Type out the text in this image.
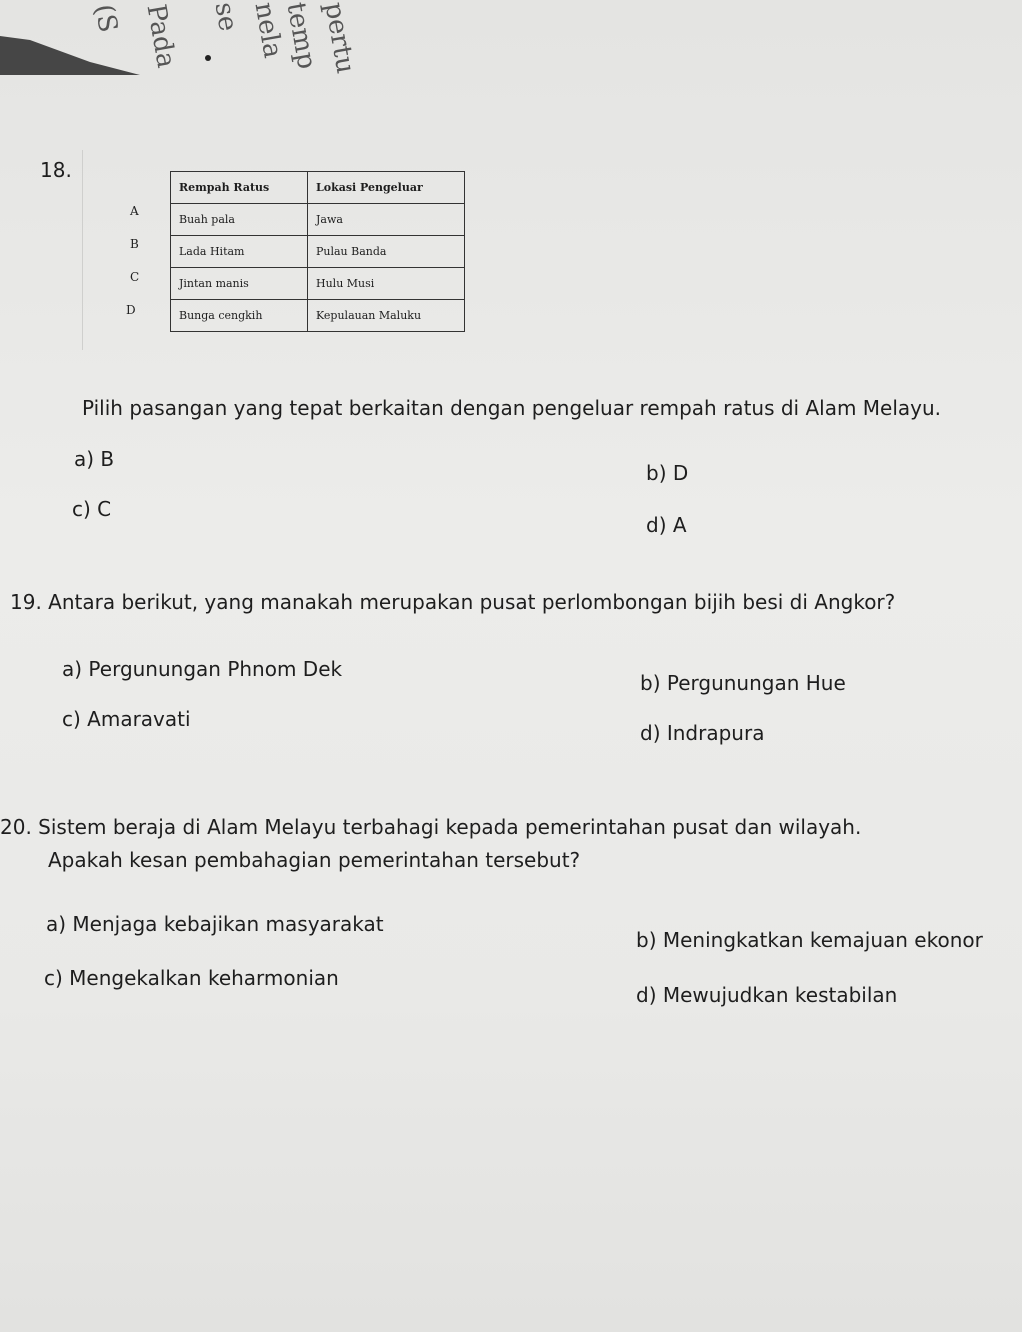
(S Pada se nela
temp
pertu
18.
A
B
C
D
Rempah Ratus	Lokasi Pengeluar
Buah pala	Jawa
Lada Hitam	Pulau Banda
Jintan manis	Hulu Musi
Bunga cengkih	Kepulauan Maluku
Pilih pasangan yang tepat berkaitan dengan pengeluar rempah ratus di Alam Melayu.
a) B
b) D
c) C
d) A
19. Antara berikut, yang manakah merupakan pusat perlombongan bijih besi di Angkor?
a) Pergunungan Phnom Dek
b) Pergunungan Hue
c) Amaravati
d) Indrapura
20. Sistem beraja di Alam Melayu terbahagi kepada pemerintahan pusat dan wilayah.
Apakah kesan pembahagian pemerintahan tersebut?
a) Menjaga kebajikan masyarakat
b) Meningkatkan kemajuan ekonor
c) Mengekalkan keharmonian
d) Mewujudkan kestabilan
